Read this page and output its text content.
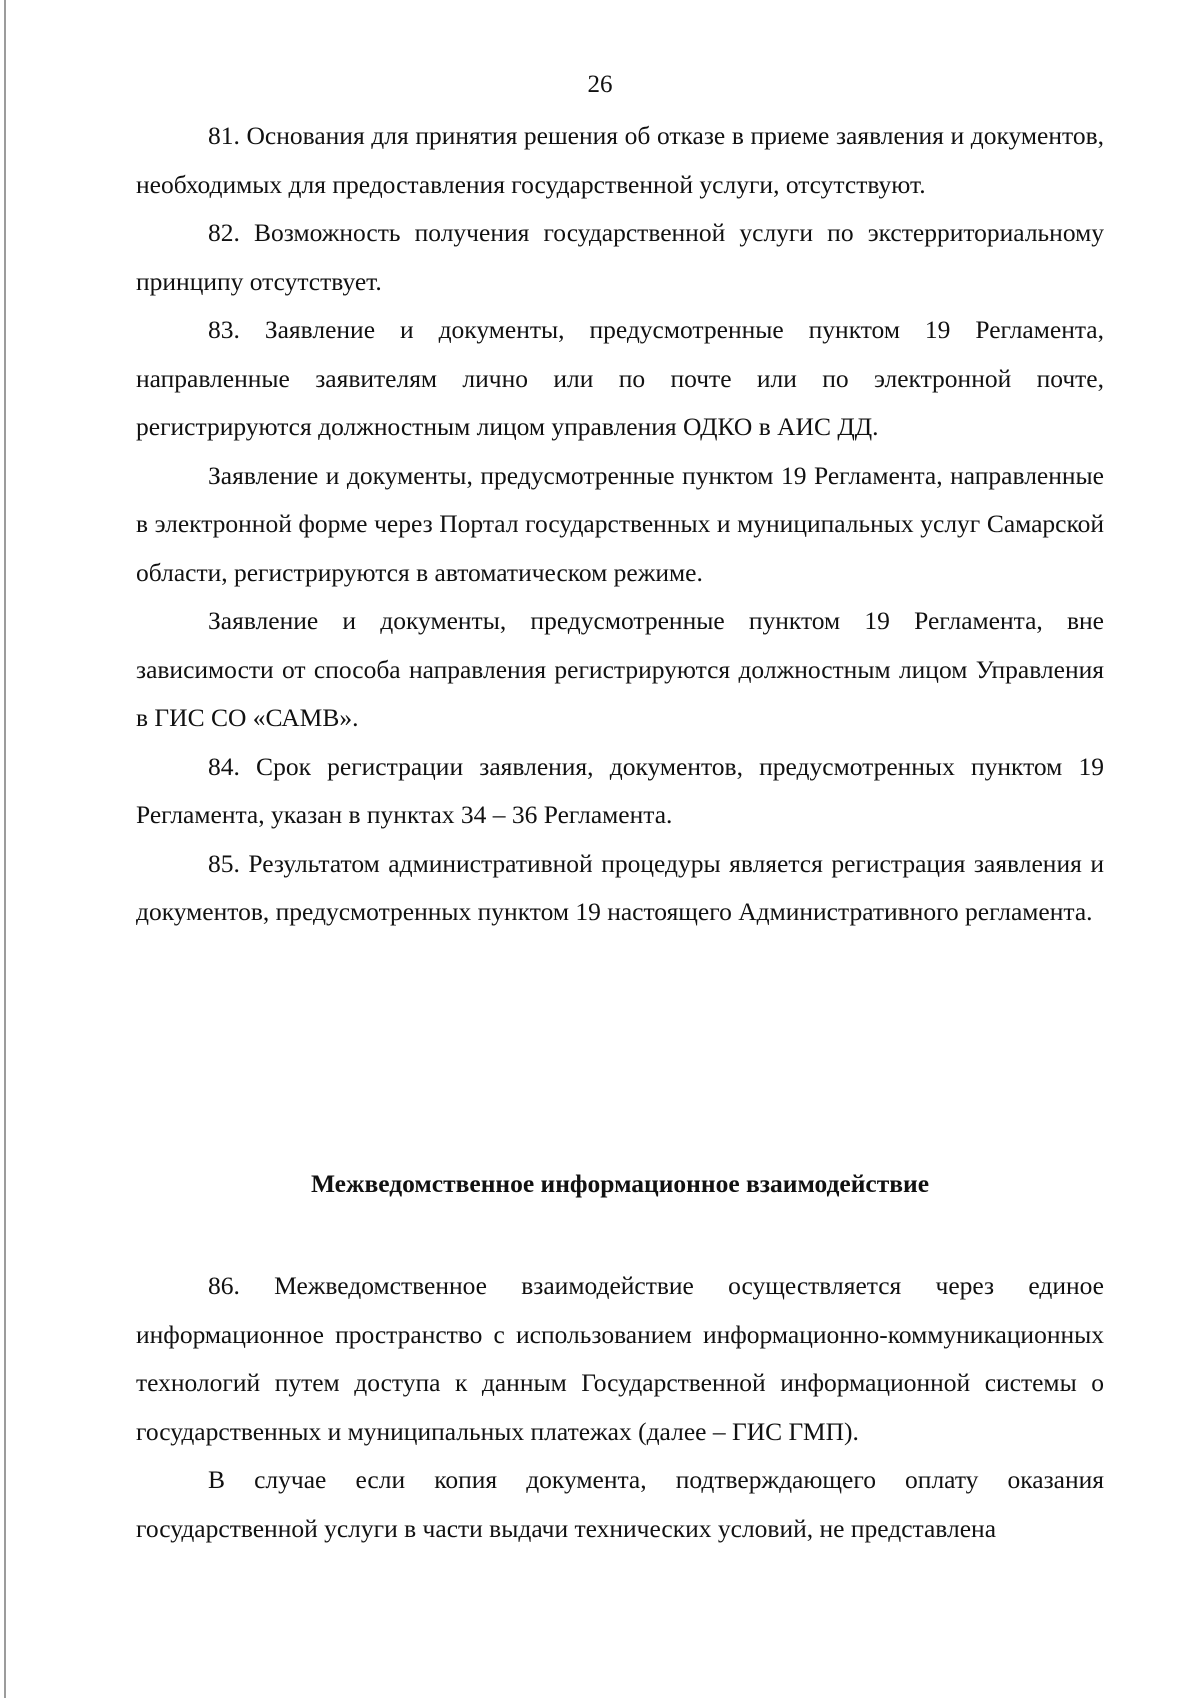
26

81. Основания для принятия решения об отказе в приеме заявления и документов, необходимых для предоставления государственной услуги, отсутствуют.

82. Возможность получения государственной услуги по экстерриториальному принципу отсутствует.

83. Заявление и документы, предусмотренные пунктом 19 Регламента, направленные заявителям лично или по почте или по электронной почте, регистрируются должностным лицом управления ОДКО в АИС ДД.

Заявление и документы, предусмотренные пунктом 19 Регламента, направленные в электронной форме через Портал государственных и муниципальных услуг Самарской области, регистрируются в автоматическом режиме.

Заявление и документы, предусмотренные пунктом 19 Регламента, вне зависимости от способа направления регистрируются должностным лицом Управления в ГИС СО «САМВ».

84. Срок регистрации заявления, документов, предусмотренных пунктом 19 Регламента, указан в пунктах 34 – 36 Регламента.

85. Результатом административной процедуры является регистрация заявления и документов, предусмотренных пунктом 19 настоящего Административного регламента.

Межведомственное информационное взаимодействие

86. Межведомственное взаимодействие осуществляется через единое информационное пространство с использованием информационно-коммуникационных технологий путем доступа к данным Государственной информационной системы о государственных и муниципальных платежах (далее – ГИС ГМП).

В случае если копия документа, подтверждающего оплату оказания государственной услуги в части выдачи технических условий, не представлена
